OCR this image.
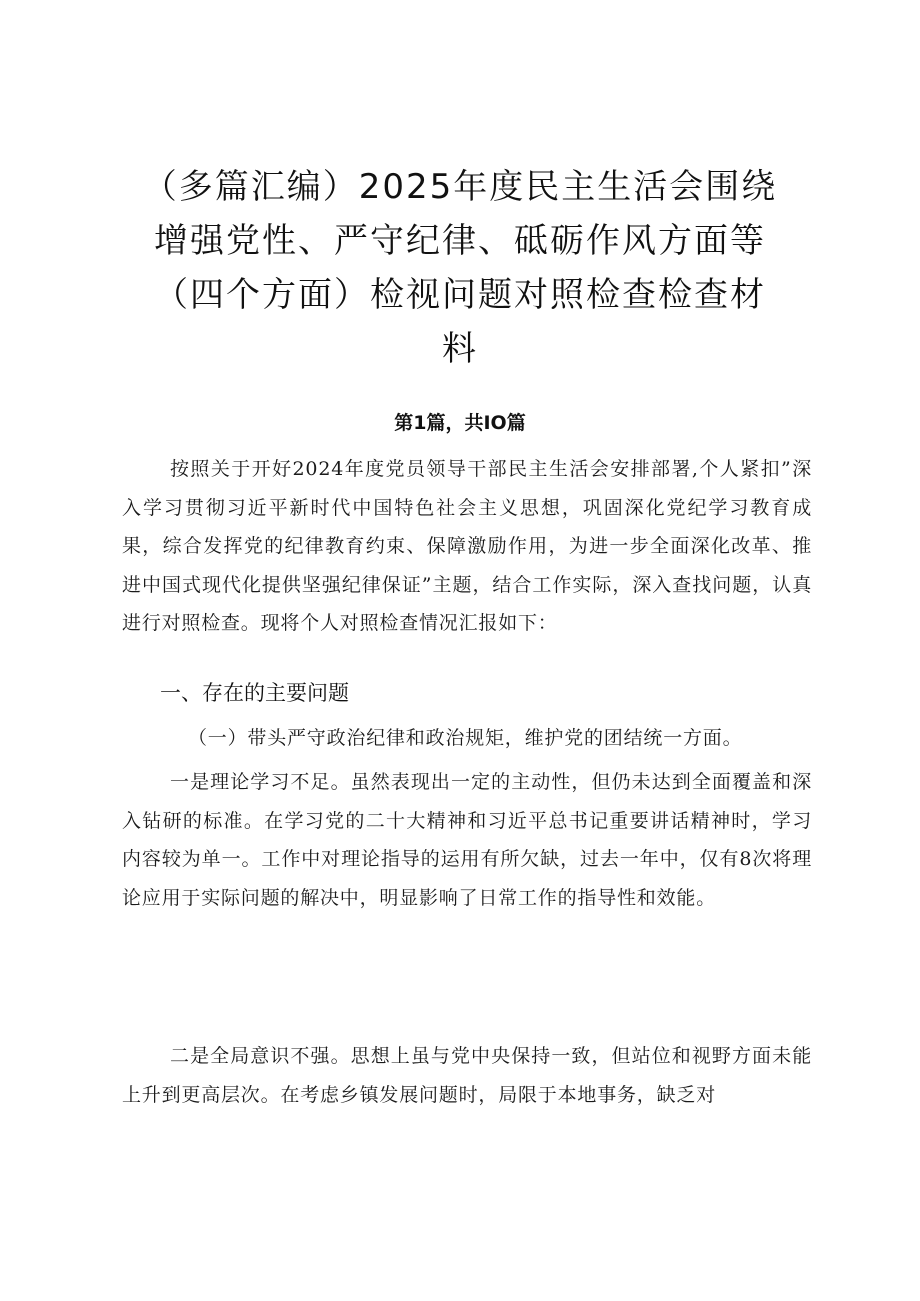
（多篇汇编）2025年度民主生活会围绕增强党性、严守纪律、砥砺作风方面等（四个方面）检视问题对照检查检查材料
第1篇，共IO篇

按照关于开好2024年度党员领导干部民主生活会安排部署,个人紧扣”深入学习贯彻习近平新时代中国特色社会主义思想，巩固深化党纪学习教育成果，综合发挥党的纪律教育约束、保障激励作用，为进一步全面深化改革、推进中国式现代化提供坚强纪律保证”主题，结合工作实际，深入查找问题，认真进行对照检查。现将个人对照检查情况汇报如下：

一、存在的主要问题

（一）带头严守政治纪律和政治规矩，维护党的团结统一方面。

一是理论学习不足。虽然表现出一定的主动性，但仍未达到全面覆盖和深入钻研的标准。在学习党的二十大精神和习近平总书记重要讲话精神时，学习内容较为单一。工作中对理论指导的运用有所欠缺，过去一年中，仅有8次将理论应用于实际问题的解决中，明显影响了日常工作的指导性和效能。

二是全局意识不强。思想上虽与党中央保持一致，但站位和视野方面未能上升到更高层次。在考虑乡镇发展问题时，局限于本地事务，缺乏对
